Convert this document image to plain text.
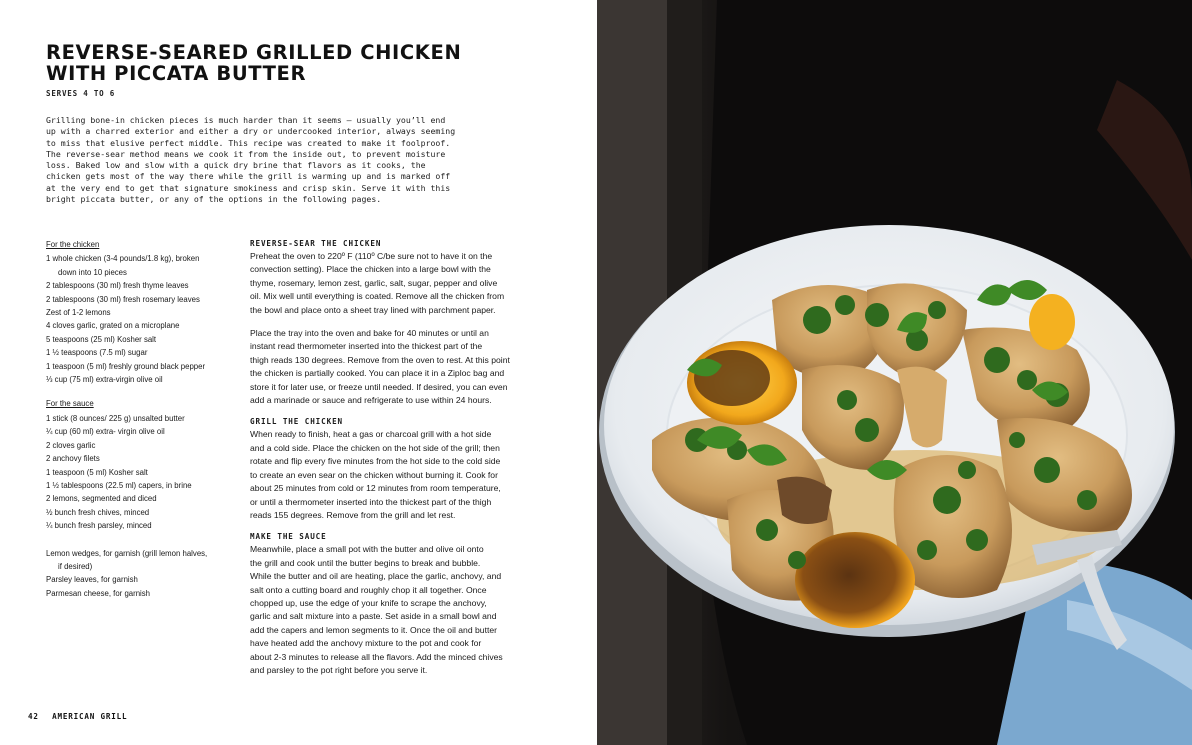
REVERSE-SEARED GRILLED CHICKEN
WITH PICCATA BUTTER
SERVES 4 TO 6

Grilling bone-in chicken pieces is much harder than it seems — usually you’ll end
up with a charred exterior and either a dry or undercooked interior, always seeming
to miss that elusive perfect middle. This recipe was created to make it foolproof.
The reverse-sear method means we cook it from the inside out, to prevent moisture
loss. Baked low and slow with a quick dry brine that flavors as it cooks, the
chicken gets most of the way there while the grill is warming up and is marked off
at the very end to get that signature smokiness and crisp skin. Serve it with this
bright piccata butter, or any of the options in the following pages.

For the chicken
1 whole chicken (3-4 pounds/1.8 kg), broken
down into 10 pieces
2 tablespoons (30 ml) fresh thyme leaves
2 tablespoons (30 ml) fresh rosemary leaves
Zest of 1-2 lemons
4 cloves garlic, grated on a microplane
5 teaspoons (25 ml) Kosher salt
1 ½ teaspoons (7.5 ml) sugar
1 teaspoon (5 ml) freshly ground black pepper
⅓ cup (75 ml) extra-virgin olive oil
For the sauce
1 stick (8 ounces/ 225 g) unsalted butter
¼ cup (60 ml) extra- virgin olive oil
2 cloves garlic
2 anchovy filets
1 teaspoon (5 ml) Kosher salt
1 ½ tablespoons (22.5 ml) capers, in brine
2 lemons, segmented and diced
½ bunch fresh chives, minced
¼ bunch fresh parsley, minced
Lemon wedges, for garnish (grill lemon halves,
if desired)
Parsley leaves, for garnish
Parmesan cheese, for garnish
REVERSE-SEAR THE CHICKEN

Preheat the oven to 220º F (110º C/be sure not to have it on the
convection setting). Place the chicken into a large bowl with the
thyme, rosemary, lemon zest, garlic, salt, sugar, pepper and olive
oil. Mix well until everything is coated. Remove all the chicken from
the bowl and place onto a sheet tray lined with parchment paper.

Place the tray into the oven and bake for 40 minutes or until an
instant read thermometer inserted into the thickest part of the
thigh reads 130 degrees. Remove from the oven to rest. At this point
the chicken is partially cooked. You can place it in a Ziploc bag and
store it for later use, or freeze until needed. If desired, you can even
add a marinade or sauce and refrigerate to use within 24 hours.

GRILL THE CHICKEN

When ready to finish, heat a gas or charcoal grill with a hot side
and a cold side. Place the chicken on the hot side of the grill; then
rotate and flip every five minutes from the hot side to the cold side
to create an even sear on the chicken without burning it. Cook for
about 25 minutes from cold or 12 minutes from room temperature,
or until a thermometer inserted into the thickest part of the thigh
reads 155 degrees. Remove from the grill and let rest.

MAKE THE SAUCE

Meanwhile, place a small pot with the butter and olive oil onto
the grill and cook until the butter begins to break and bubble.
While the butter and oil are heating, place the garlic, anchovy, and
salt onto a cutting board and roughly chop it all together. Once
chopped up, use the edge of your knife to scrape the anchovy,
garlic and salt mixture into a paste. Set aside in a small bowl and
add the capers and lemon segments to it. Once the oil and butter
have heated add the anchovy mixture to the pot and cook for
about 2-3 minutes to release all the flavors. Add the minced chives
and parsley to the pot right before you serve it.

42 AMERICAN GRILL
